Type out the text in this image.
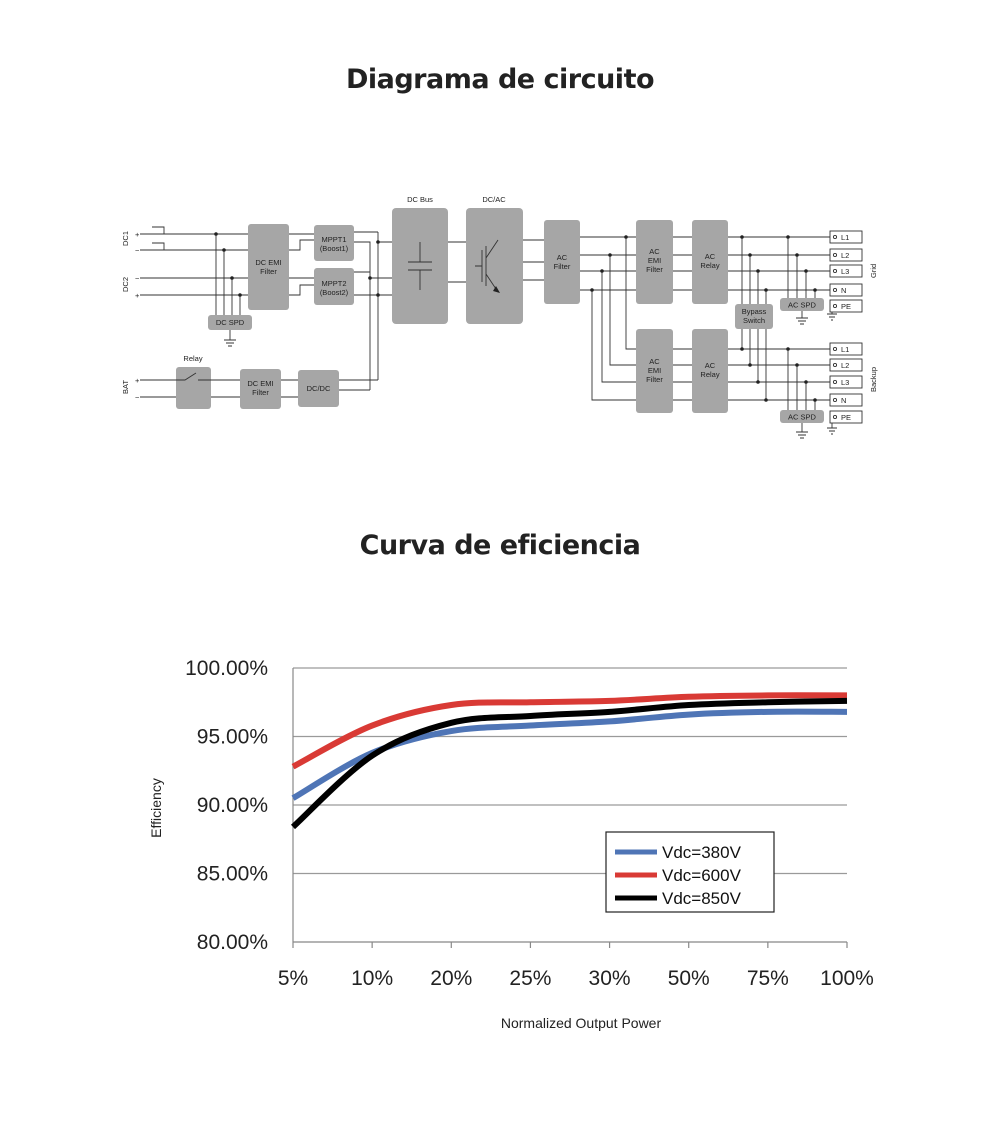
Diagrama de circuito
Curva de eficiencia
DC1
DC2
BAT
+
−
−
+
+
−
DC EMI
Filter
MPPT1
(Boost1)
MPPT2
(Boost2)
DC SPD
Relay
DC EMI
Filter	DC/DC
DC Bus	DC/AC
AC
Filter
AC
EMI
Filter
AC
Relay
AC
EMI
Filter
AC
Relay
Bypass
Switch
AC SPD
AC SPD
L1
L2
L3
N
PE
Grid
L1
L2
L3
N
PE
Backup
80.00%
85.00%
90.00%
95.00%
100.00%
5% 10% 20% 25% 30% 50% 75% 100%
Efficiency
Normalized Output Power
Vdc=380V
Vdc=600V
Vdc=850V
